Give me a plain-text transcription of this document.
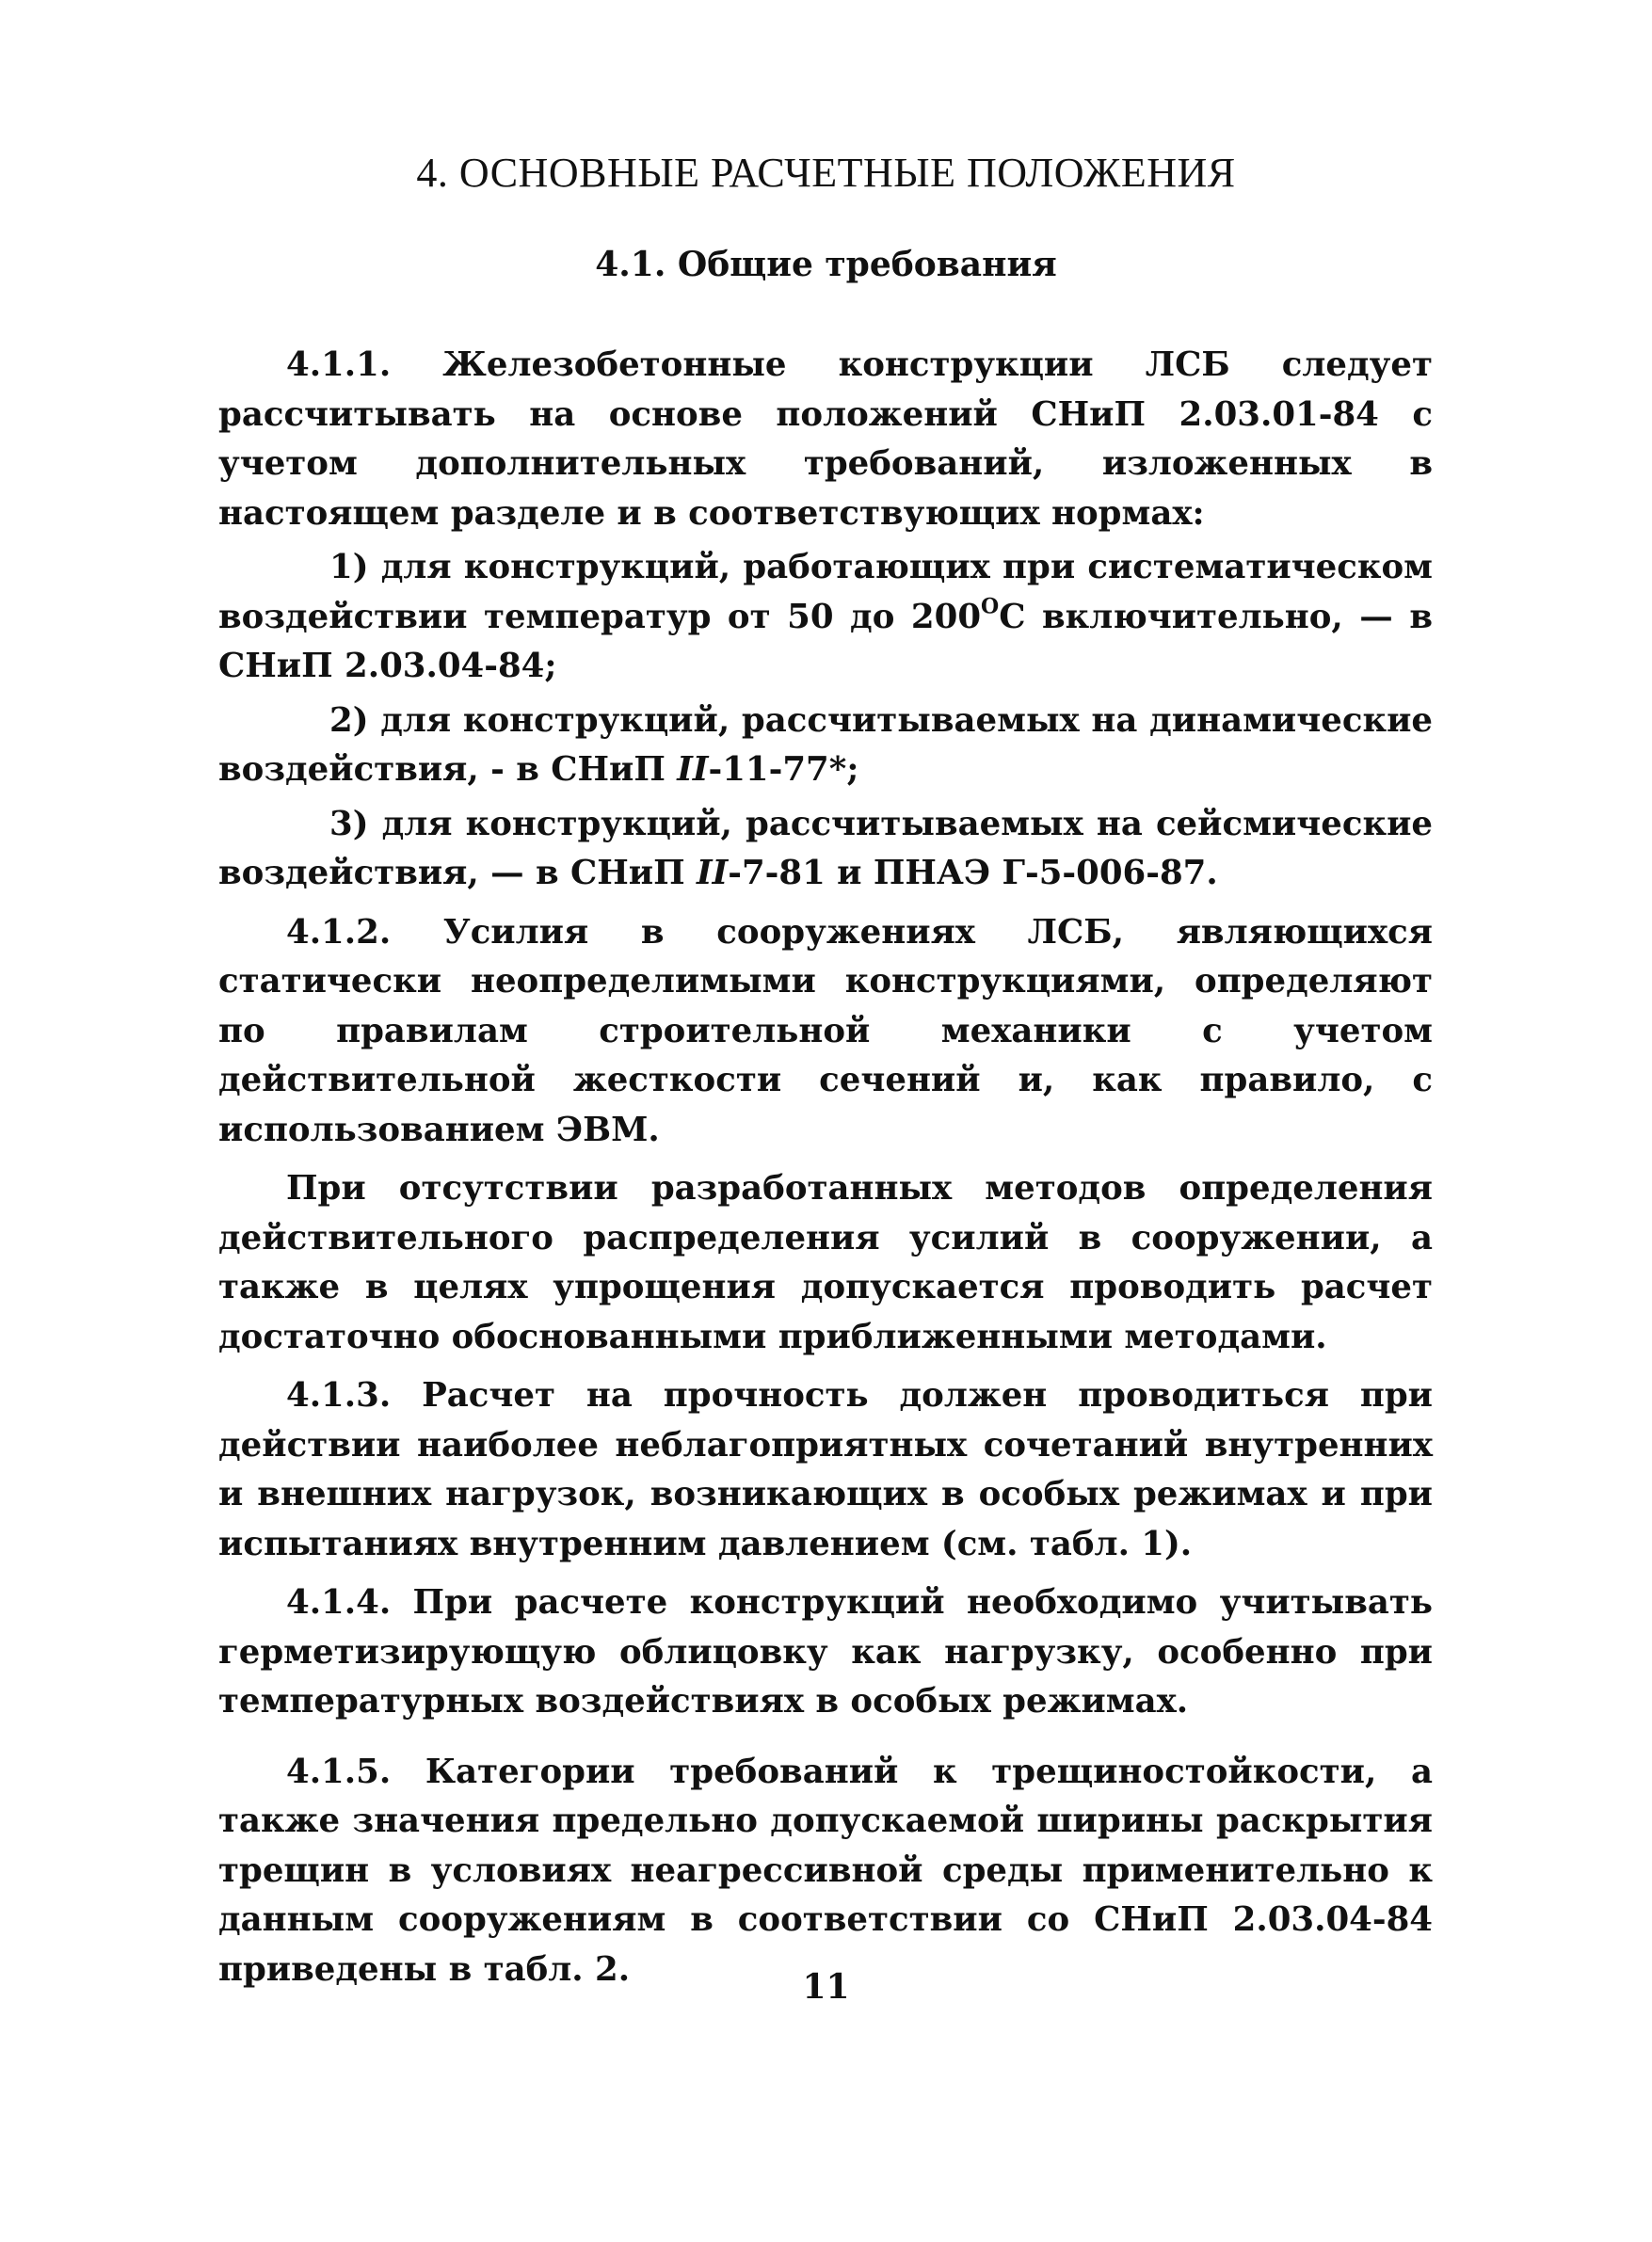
4. ОСНОВНЫЕ РАСЧЕТНЫЕ ПОЛОЖЕНИЯ
4.1. Общие требования

4.1.1. Железобетонные конструкции ЛСБ следует рассчитывать на основе положений СНиП 2.03.01-84 с учетом дополнительных требований, изложенных в настоящем разделе и в соответствующих нормах:

1) для конструкций, работающих при систематическом воздействии температур от 50 до $200^ОС$ включительно, — в СНиП 2.03.04-84;

2) для конструкций, рассчитываемых на динамические воздействия, - в СНиП II-11-77*;

3) для конструкций, рассчитываемых на сейсмические воздействия, — в СНиП II-7-81 и ПНАЭ Г-5-006-87.

4.1.2. Усилия в сооружениях ЛСБ, являющихся статически неопределимыми конструкциями, определяют по правилам строительной механики с учетом действительной жесткости сечений и, как правило, с использованием ЭВМ.

При отсутствии разработанных методов определения действительного распределения усилий в сооружении, а также в целях упрощения допускается проводить расчет достаточно обоснованными приближенными методами.

4.1.3. Расчет на прочность должен проводиться при действии наиболее неблагоприятных сочетаний внутренних и внешних нагрузок, возникающих в особых режимах и при испытаниях внутренним давлением (см. табл. 1).

4.1.4. При расчете конструкций необходимо учитывать герметизирующую облицовку как нагрузку, особенно при температурных воздействиях в особых режимах.

4.1.5. Категории требований к трещиностойкости, а также значения предельно допускаемой ширины раскрытия трещин в условиях неагрессивной среды применительно к данным сооружениям в соответствии со СНиП 2.03.04-84 приведены в табл. 2.	11
